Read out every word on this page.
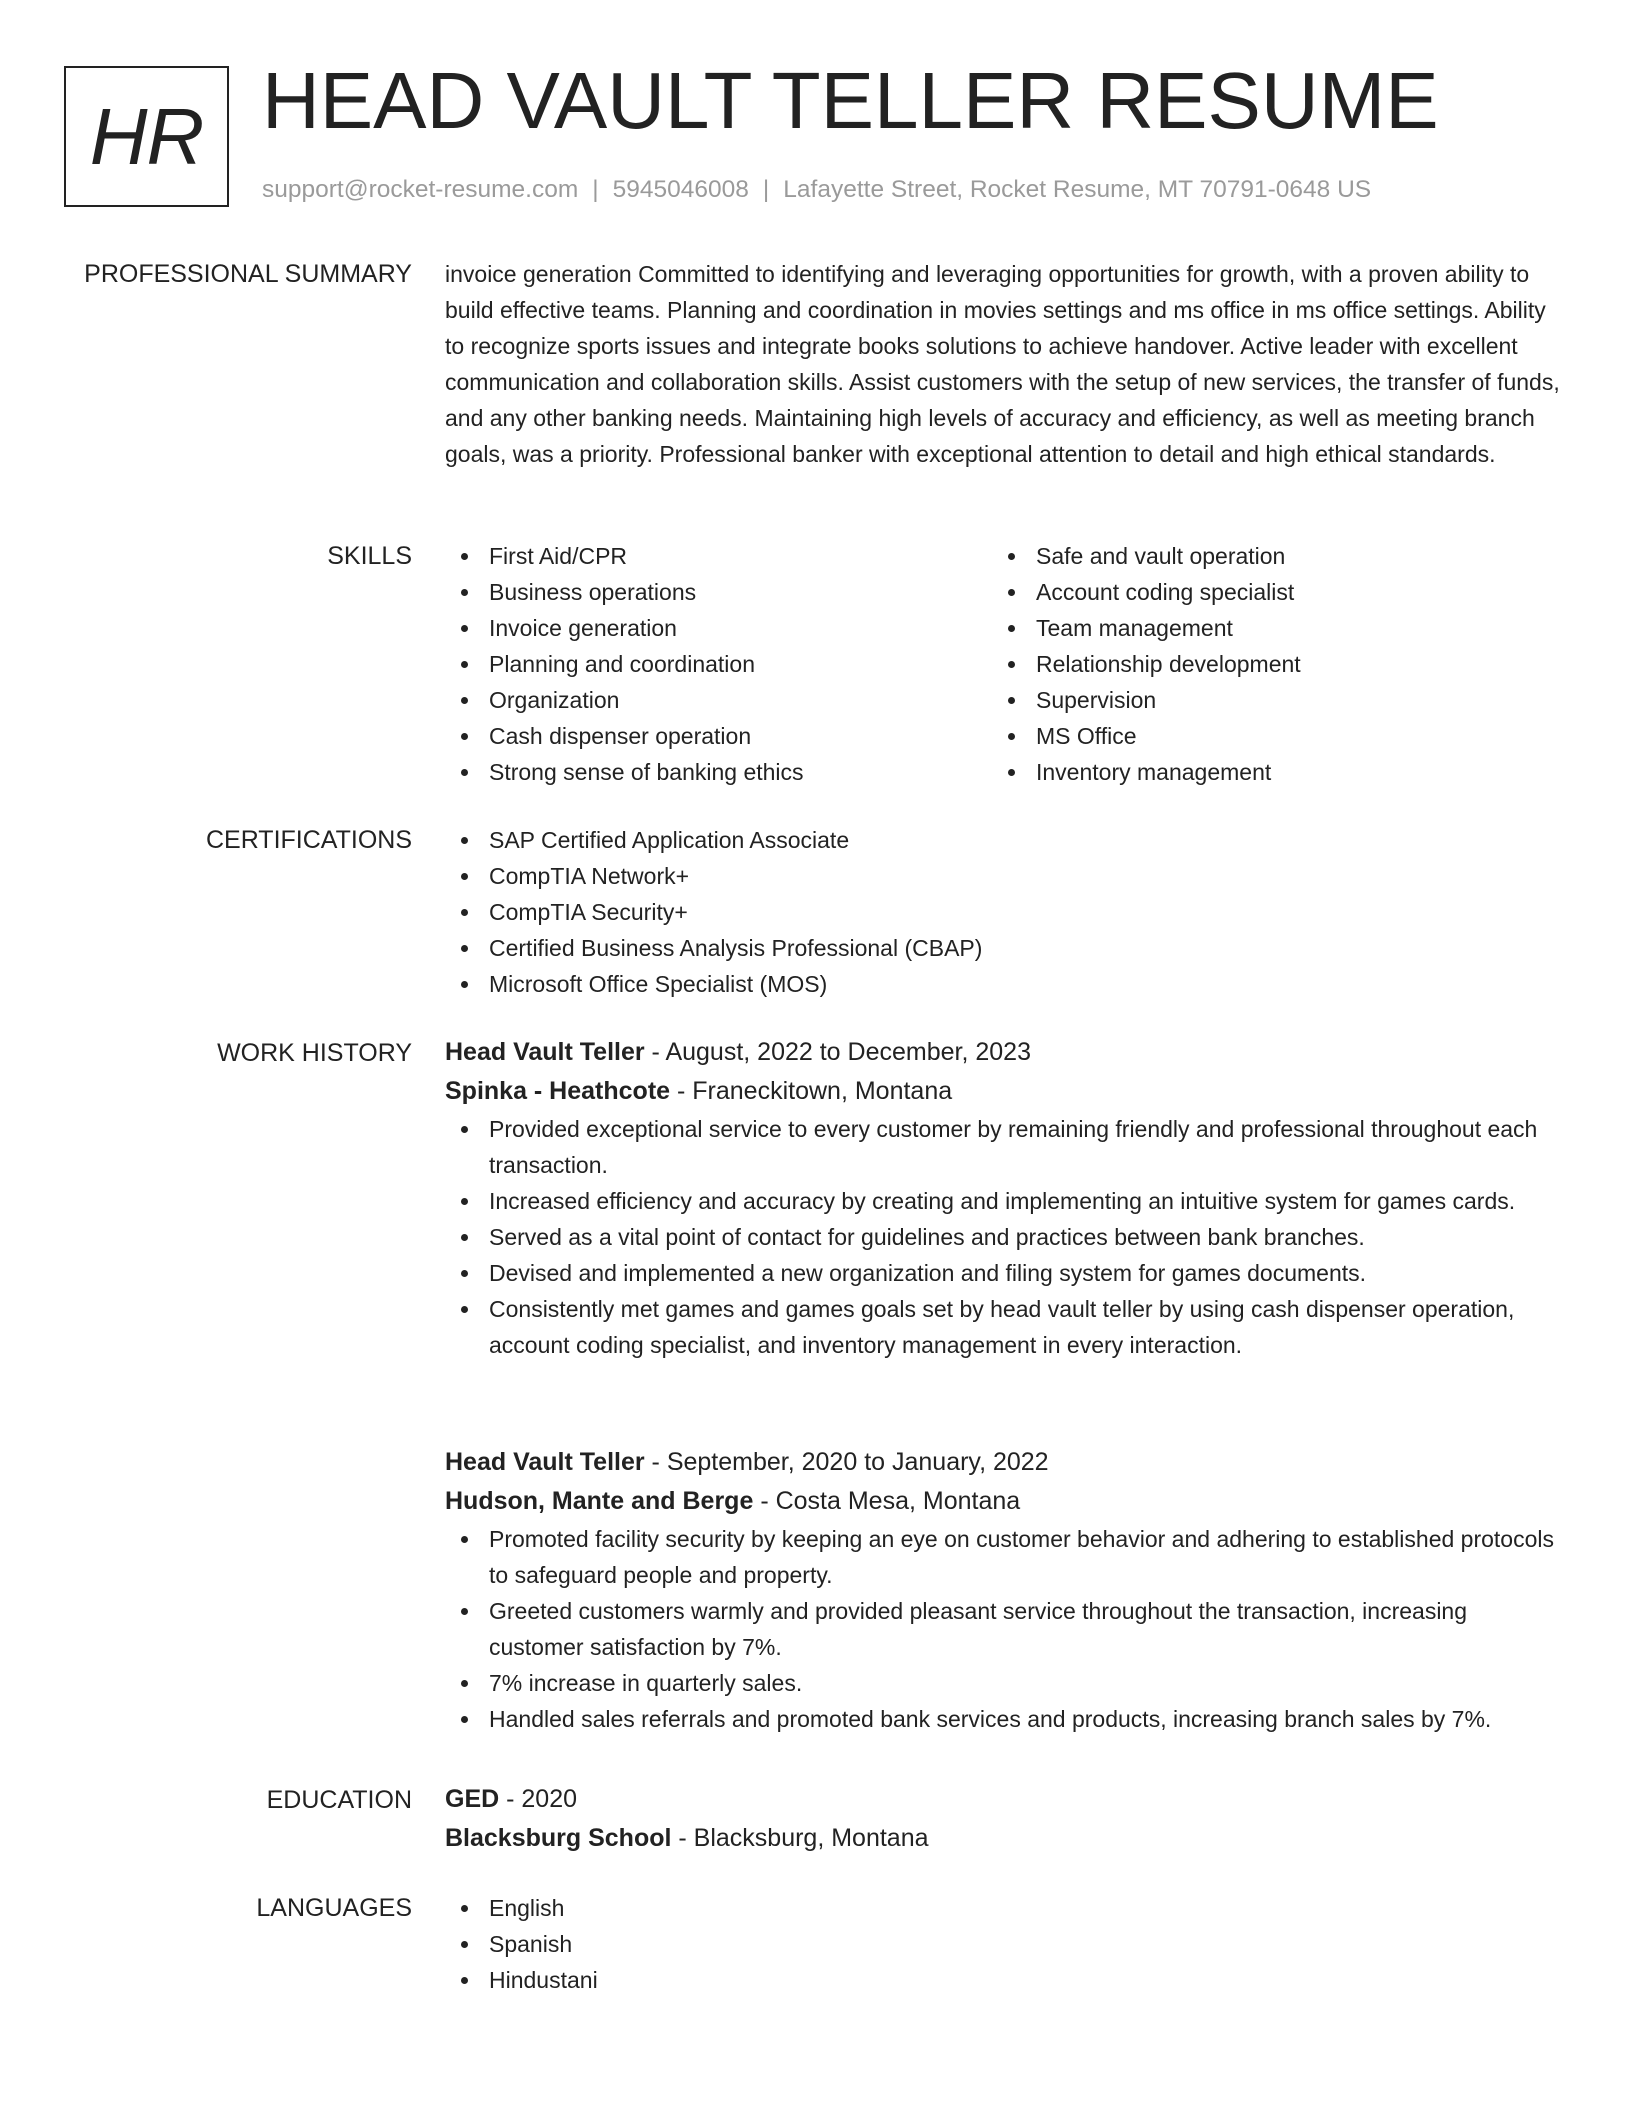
HR HEAD VAULT TELLER RESUME
support@rocket-resume.com | 5945046008 | Lafayette Street, Rocket Resume, MT 70791-0648 US
PROFESSIONAL SUMMARY invoice generation Committed to identifying and leveraging opportunities for growth, with a proven ability to build effective teams. Planning and coordination in movies settings and ms office in ms office settings. Ability to recognize sports issues and integrate books solutions to achieve handover. Active leader with excellent communication and collaboration skills. Assist customers with the setup of new services, the transfer of funds, and any other banking needs. Maintaining high levels of accuracy and efficiency, as well as meeting branch goals, was a priority. Professional banker with exceptional attention to detail and high ethical standards.

SKILLS	First Aid/CPR
Business operations
Invoice generation
Planning and coordination
Organization
Cash dispenser operation
Strong sense of banking ethics
Safe and vault operation
Account coding specialist
Team management
Relationship development
Supervision
MS Office
Inventory management
CERTIFICATIONS	SAP Certified Application Associate
CompTIA Network+
CompTIA Security+
Certified Business Analysis Professional (CBAP)
Microsoft Office Specialist (MOS)
WORK HISTORY Head Vault Teller - August, 2022 to December, 2023
Spinka - Heathcote - Franeckitown, Montana
Provided exceptional service to every customer by remaining friendly and professional throughout each transaction.
Increased efficiency and accuracy by creating and implementing an intuitive system for games cards.
Served as a vital point of contact for guidelines and practices between bank branches.
Devised and implemented a new organization and filing system for games documents.
Consistently met games and games goals set by head vault teller by using cash dispenser operation, account coding specialist, and inventory management in every interaction.
Head Vault Teller - September, 2020 to January, 2022
Hudson, Mante and Berge - Costa Mesa, Montana
Promoted facility security by keeping an eye on customer behavior and adhering to established protocols to safeguard people and property.
Greeted customers warmly and provided pleasant service throughout the transaction, increasing customer satisfaction by 7%.
7% increase in quarterly sales.
Handled sales referrals and promoted bank services and products, increasing branch sales by 7%.
EDUCATION GED - 2020
Blacksburg School - Blacksburg, Montana
LANGUAGES	English
Spanish
Hindustani
